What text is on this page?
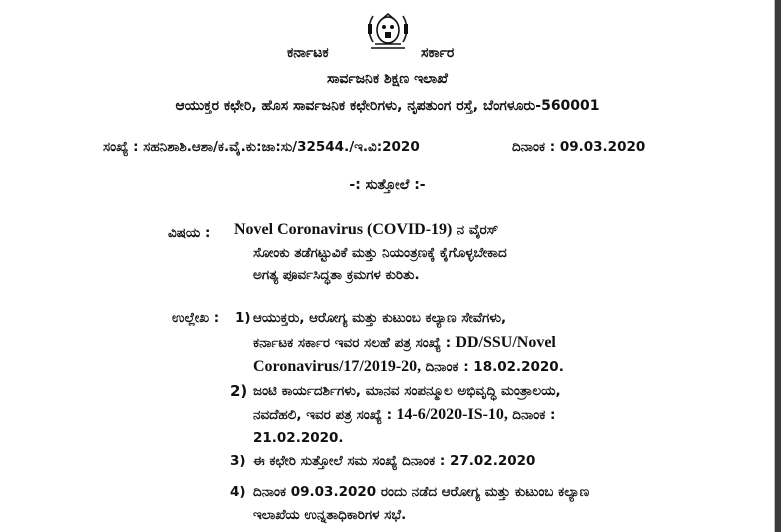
ಕರ್ನಾಟಕ	ಸರ್ಕಾರ
ಸಾರ್ವಜನಿಕ ಶಿಕ್ಷಣ ಇಲಾಖೆ
ಆಯುಕ್ತರ ಕಛೇರಿ, ಹೊಸ ಸಾರ್ವಜನಿಕ ಕಛೇರಿಗಳು, ನೃಪತುಂಗ ರಸ್ತೆ, ಬೆಂಗಳೂರು-560001
ಸಂಖ್ಯೆ : ಸಹನಿಶಾಶಿ.ಆಶಾ/ಕ.ವೈ.ಕು:ಜಾ:ಸು/32544./ಇ.ವಿ:2020	ದಿನಾಂಕ : 09.03.2020
-: ಸುತ್ತೋಲೆ :-
ವಿಷಯ : Novel Coronavirus (COVID-19) ನ ವೈರಸ್
ಸೋಂಕು ತಡೆಗಟ್ಟುವಿಕೆ ಮತ್ತು ನಿಯಂತ್ರಣಕ್ಕೆ ಕೈಗೊಳ್ಳಬೇಕಾದ
ಅಗತ್ಯ ಪೂರ್ವಸಿದ್ಧತಾ ಕ್ರಮಗಳ ಕುರಿತು.
ಉಲ್ಲೇಖ : 1) ಆಯುಕ್ತರು, ಆರೋಗ್ಯ ಮತ್ತು ಕುಟುಂಬ ಕಲ್ಯಾಣ ಸೇವೆಗಳು,
ಕರ್ನಾಟಕ ಸರ್ಕಾರ ಇವರ ಸಲಹೆ ಪತ್ರ ಸಂಖ್ಯೆ : DD/SSU/Novel
Coronavirus/17/2019-20, ದಿನಾಂಕ : 18.02.2020.
2) ಜಂಟಿ ಕಾರ್ಯದರ್ಶಿಗಳು, ಮಾನವ ಸಂಪನ್ಮೂಲ ಅಭಿವೃದ್ಧಿ ಮಂತ್ರಾಲಯ,
ನವದೆಹಲಿ, ಇವರ ಪತ್ರ ಸಂಖ್ಯೆ : 14-6/2020-IS-10, ದಿನಾಂಕ :
21.02.2020.
3) ಈ ಕಛೇರಿ ಸುತ್ತೋಲೆ ಸಮ ಸಂಖ್ಯೆ ದಿನಾಂಕ : 27.02.2020
4) ದಿನಾಂಕ 09.03.2020 ರಂದು ನಡೆದ ಆರೋಗ್ಯ ಮತ್ತು ಕುಟುಂಬ ಕಲ್ಯಾಣ
ಇಲಾಖೆಯ ಉನ್ನತಾಧಿಕಾರಿಗಳ ಸಭೆ.
